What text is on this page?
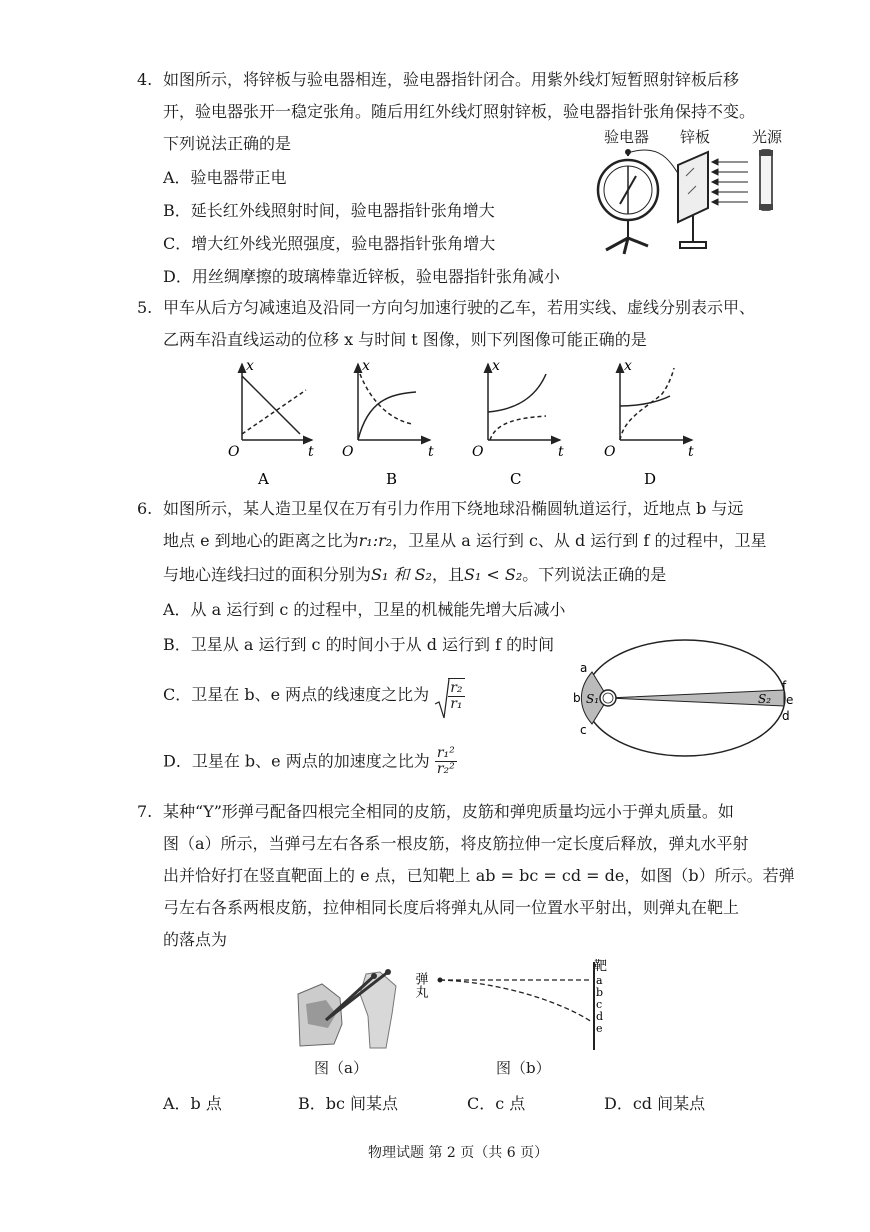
4. 如图所示，将锌板与验电器相连，验电器指针闭合。用紫外线灯短暂照射锌板后移
开，验电器张开一稳定张角。随后用红外线灯照射锌板，验电器指针张角保持不变。
下列说法正确的是
A．验电器带正电
B．延长红外线照射时间，验电器指针张角增大
C．增大红外线光照强度，验电器指针张角增大
D．用丝绸摩擦的玻璃棒靠近锌板，验电器指针张角减小
验电器 锌板	光源
5. 甲车从后方匀减速追及沿同一方向匀加速行驶的乙车，若用实线、虚线分别表示甲、
乙两车沿直线运动的位移 x 与时间 t 图像，则下列图像可能正确的是
O
x
t
A
O
x
t
B
O
x
t
C
O
x
t
D
6. 如图所示，某人造卫星仅在万有引力作用下绕地球沿椭圆轨道运行，近地点 b 与远
地点 e 到地心的距离之比为r₁:r₂，卫星从 a 运行到 c、从 d 运行到 f 的过程中，卫星
与地心连线扫过的面积分别为S₁ 和 S₂，且S₁ < S₂。下列说法正确的是
A．从 a 运行到 c 的过程中，卫星的机械能先增大后减小
B．卫星从 a 运行到 c 的时间小于从 d 运行到 f 的时间
C．卫星在 b、e 两点的线速度之比为 $\frac{\text{r₂}}{\text{r₁}}$
D．卫星在 b、e 两点的加速度之比为 $\frac{\text{r₁²}}{\text{r₂²}}$
a
b
c
d
e
f
S₁	S₂
7. 某种“Y”形弹弓配备四根完全相同的皮筋，皮筋和弹兜质量均远小于弹丸质量。如
图（a）所示，当弹弓左右各系一根皮筋，将皮筋拉伸一定长度后释放，弹丸水平射
出并恰好打在竖直靶面上的 e 点，已知靶上 ab = bc = cd = de，如图（b）所示。若弹
弓左右各系两根皮筋，拉伸相同长度后将弹丸从同一位置水平射出，则弹丸在靶上
的落点为
图（a）
弹丸
靶
a
b
c
d
e
图（b）
A．b 点	B．bc 间某点	C．c 点	D．cd 间某点
物理试题 第 2 页（共 6 页）
